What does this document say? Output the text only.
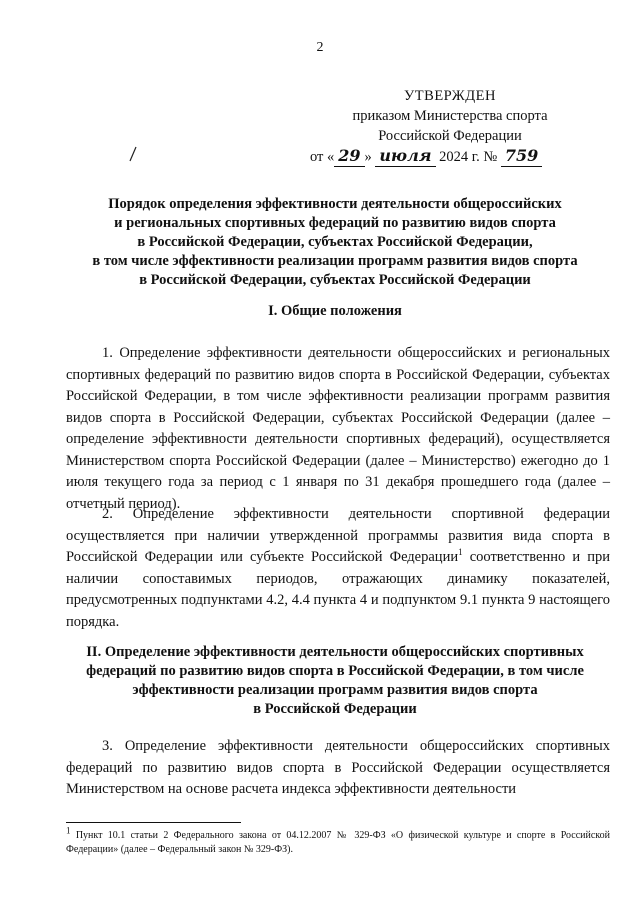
2
УТВЕРЖДЕН
приказом Министерства спорта
Российской Федерации
от « 29 » июля 2024 г. № 759
Порядок определения эффективности деятельности общероссийских
и региональных спортивных федераций по развитию видов спорта
в Российской Федерации, субъектах Российской Федерации,
в том числе эффективности реализации программ развития видов спорта
в Российской Федерации, субъектах Российской Федерации
I. Общие положения
1. Определение эффективности деятельности общероссийских и региональных спортивных федераций по развитию видов спорта в Российской Федерации, субъектах Российской Федерации, в том числе эффективности реализации программ развития видов спорта в Российской Федерации, субъектах Российской Федерации (далее – определение эффективности деятельности спортивных федераций), осуществляется Министерством спорта Российской Федерации (далее – Министерство) ежегодно до 1 июля текущего года за период с 1 января по 31 декабря прошедшего года (далее – отчетный период).
2. Определение эффективности деятельности спортивной федерации осуществляется при наличии утвержденной программы развития вида спорта в Российской Федерации или субъекте Российской Федерации$^1$ соответственно и при наличии сопоставимых периодов, отражающих динамику показателей, предусмотренных подпунктами 4.2, 4.4 пункта 4 и подпунктом 9.1 пункта 9 настоящего порядка.
II. Определение эффективности деятельности общероссийских спортивных
федераций по развитию видов спорта в Российской Федерации, в том числе
эффективности реализации программ развития видов спорта
в Российской Федерации
3. Определение эффективности деятельности общероссийских спортивных федераций по развитию видов спорта в Российской Федерации осуществляется Министерством на основе расчета индекса эффективности деятельности
$^1$ Пункт 10.1 статьи 2 Федерального закона от 04.12.2007 № 329-ФЗ «О физической культуре и спорте в Российской Федерации» (далее – Федеральный закон № 329-ФЗ).
